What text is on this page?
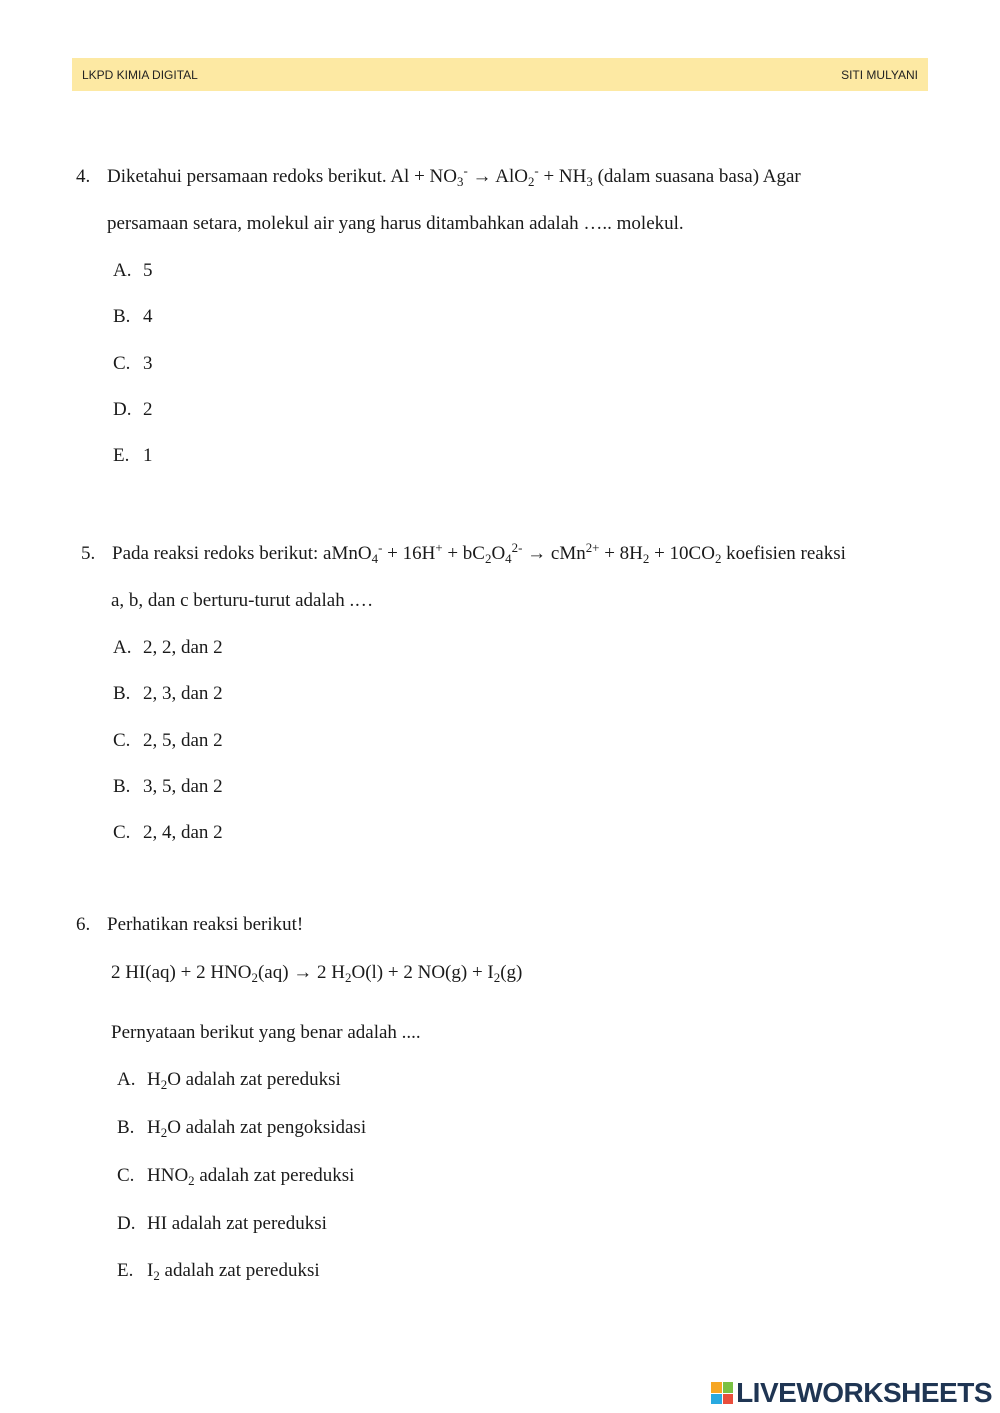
LKPD KIMIA DIGITAL	SITI MULYANI
4. Diketahui persamaan redoks berikut. $Al + NO_3^- \to AlO_2^- + NH_3$ (dalam suasana basa) Agar
persamaan setara, molekul air yang harus ditambahkan adalah ….. molekul.
A. 5
B. 4
C. 3
D. 2
E. 1
5. Pada reaksi redoks berikut: aMnO$_4$- + $16H^+ + bC_2O_4^{2-} \to cMn^{2+} + 8H_2 + 10CO_2$ koefisien reaksi
a, b, dan c berturu-turut adalah .…
A. 2, 2, dan 2
B. 2, 3, dan 2
C. 2, 5, dan 2
B. 3, 5, dan 2
C. 2, 4, dan 2
6. Perhatikan reaksi berikut!
2 HI(aq) + 2 $HNO_2(aq) \to 2$ $H_2O(l) + 2$ $NO(g) + I_2(g)$
Pernyataan berikut yang benar adalah ....
A. $H_2O$ adalah zat pereduksi
B. $H_2O$ adalah zat pengoksidasi
C. $HNO_2$ adalah zat pereduksi
D. HI adalah zat pereduksi
E. $I_2$ adalah zat pereduksi
LIVEWORKSHEETS
